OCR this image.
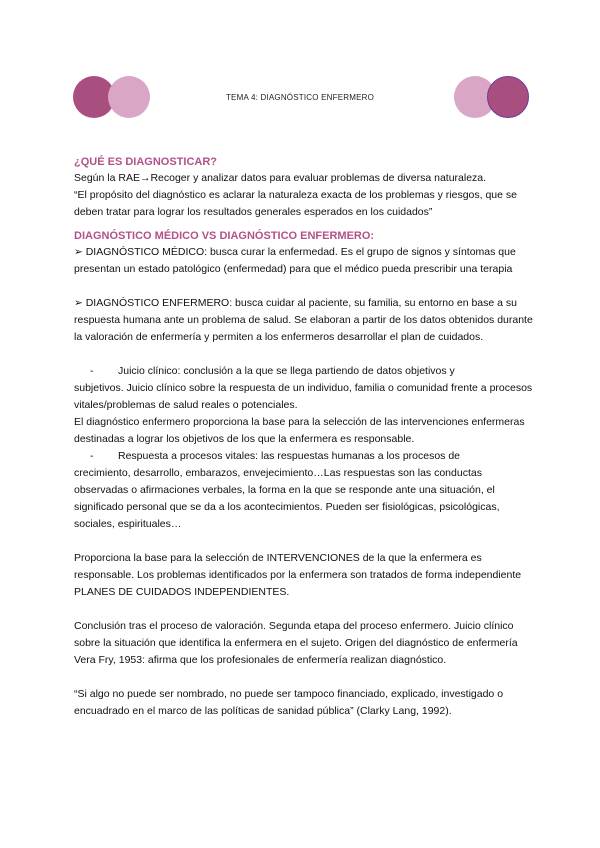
TEMA 4: DIAGNÓSTICO ENFERMERO
¿QUÉ ES DIAGNOSTICAR?

Según la RAE→Recoger y analizar datos para evaluar problemas de diversa naturaleza.

“El propósito del diagnóstico es aclarar la naturaleza exacta de los problemas y riesgos, que se deben tratar para lograr los resultados generales esperados en los cuidados”

DIAGNÓSTICO MÉDICO VS DIAGNÓSTICO ENFERMERO:

➢ DIAGNÓSTICO MÉDICO: busca curar la enfermedad. Es el grupo de signos y síntomas que presentan un estado patológico (enfermedad) para que el médico pueda prescribir una terapia

➢ DIAGNÓSTICO ENFERMERO: busca cuidar al paciente, su familia, su entorno en base a su respuesta humana ante un problema de salud. Se elaboran a partir de los datos obtenidos durante la valoración de enfermería y permiten a los enfermeros desarrollar el plan de cuidados.

- Juicio clínico: conclusión a la que se llega partiendo de datos objetivos y

subjetivos. Juicio clínico sobre la respuesta de un individuo, familia o comunidad frente a procesos vitales/problemas de salud reales o potenciales.

El diagnóstico enfermero proporciona la base para la selección de las intervenciones enfermeras destinadas a lograr los objetivos de los que la enfermera es responsable.

- Respuesta a procesos vitales: las respuestas humanas a los procesos de

crecimiento, desarrollo, embarazos, envejecimiento…Las respuestas son las conductas observadas o afirmaciones verbales, la forma en la que se responde ante una situación, el significado personal que se da a los acontecimientos. Pueden ser fisiológicas, psicológicas, sociales, espirituales…

Proporciona la base para la selección de INTERVENCIONES de la que la enfermera es responsable. Los problemas identificados por la enfermera son tratados de forma independiente PLANES DE CUIDADOS INDEPENDIENTES.

Conclusión tras el proceso de valoración. Segunda etapa del proceso enfermero. Juicio clínico sobre la situación que identifica la enfermera en el sujeto. Origen del diagnóstico de enfermería Vera Fry, 1953: afirma que los profesionales de enfermería realizan diagnóstico.

“Si algo no puede ser nombrado, no puede ser tampoco financiado, explicado, investigado o encuadrado en el marco de las políticas de sanidad pública” (Clarky Lang, 1992).
